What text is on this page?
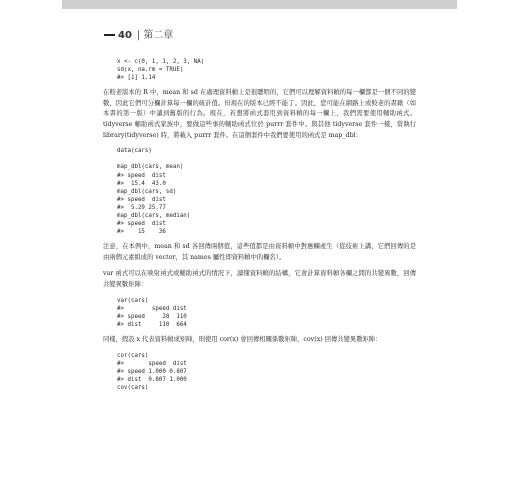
40 | 第二章
x <- c(0, 1, 1, 2, 3, NA)
sd(x, na.rm = TRUE)
#> [1] 1.14

在較老版本的 R 中，mean 和 sd 在處理資料幀上是很聰明的，它們可以理解資料幀的每一欄都是一個不同的變數，因此它們可分欄計算每一欄的統計值。但現在的版本已經不能了。因此，您可能在網路上或較老的書籍（如本書的第一版）中讀到舊版的行為。現在，若想將函式套用到資料幀的每一欄上，我們需要使用輔助函式。tidyverse 輔助函式家族中，要做這些事的輔助函式位於 purrr 套件中。與其他 tidyverse 套件一樣，當執行 library(tidyverse) 時，將載入 purrr 套件。在這個套件中我們要使用的函式是 map_dbl：

data(cars)

map_dbl(cars, mean)
#> speed  dist
#>  15.4  43.0
map_dbl(cars, sd)
#> speed  dist
#>  5.29 25.77
map_dbl(cars, median)
#> speed  dist
#>    15    36

注意，在本例中，mean 和 sd 各回傳兩個值，這些值都是由資料幀中對應欄產生（從技術上講，它們回傳的是由兩個元素組成的 vector，其 names 屬性即資料幀中的欄名）。

var 函式可以在映射函式或輔助函式的情況下，讀懂資料幀的結構，它會計算資料幀各欄之間的共變異數，回傳共變異數矩陣：

var(cars)
#>        speed dist
#> speed     28  110
#> dist     110  664

同樣，假設 x 代表資料幀或矩陣，則使用 cor(x) 會回傳相關係數矩陣，cov(x) 回傳共變異數矩陣：

cor(cars)
#>       speed  dist
#> speed 1.000 0.807
#> dist  0.807 1.000
cov(cars)
